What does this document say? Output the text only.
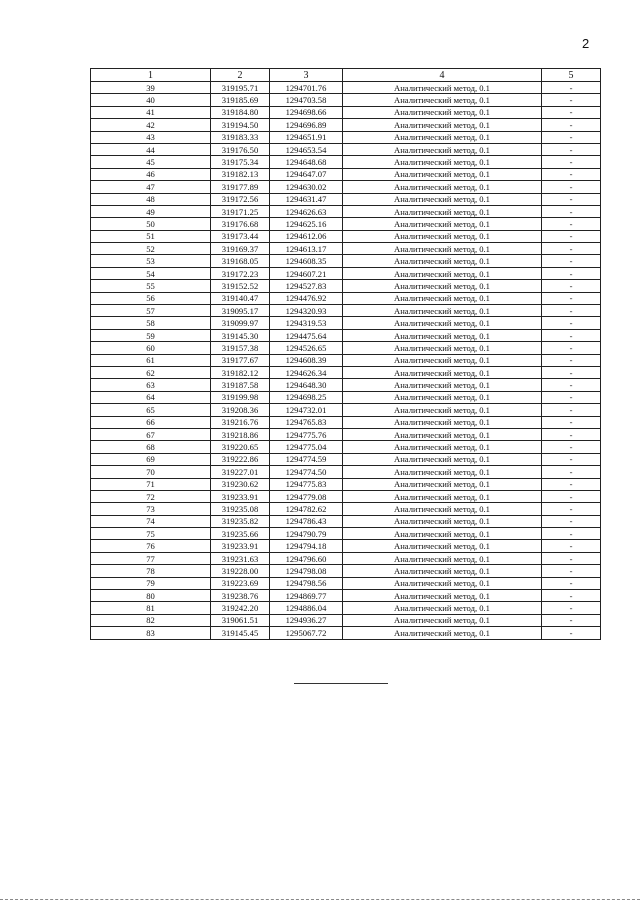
2
1	2	3	4	5
39	319195.71	1294701.76	Аналитический метод, 0.1	-
40	319185.69	1294703.58	Аналитический метод, 0.1	-
41	319184.80	1294698.66	Аналитический метод, 0.1	-
42	319194.50	1294696.89	Аналитический метод, 0.1	-
43	319183.33	1294651.91	Аналитический метод, 0.1	-
44	319176.50	1294653.54	Аналитический метод, 0.1	-
45	319175.34	1294648.68	Аналитический метод, 0.1	-
46	319182.13	1294647.07	Аналитический метод, 0.1	-
47	319177.89	1294630.02	Аналитический метод, 0.1	-
48	319172.56	1294631.47	Аналитический метод, 0.1	-
49	319171.25	1294626.63	Аналитический метод, 0.1	-
50	319176.68	1294625.16	Аналитический метод, 0.1	-
51	319173.44	1294612.06	Аналитический метод, 0.1	-
52	319169.37	1294613.17	Аналитический метод, 0.1	-
53	319168.05	1294608.35	Аналитический метод, 0.1	-
54	319172.23	1294607.21	Аналитический метод, 0.1	-
55	319152.52	1294527.83	Аналитический метод, 0.1	-
56	319140.47	1294476.92	Аналитический метод, 0.1	-
57	319095.17	1294320.93	Аналитический метод, 0.1	-
58	319099.97	1294319.53	Аналитический метод, 0.1	-
59	319145.30	1294475.64	Аналитический метод, 0.1	-
60	319157.38	1294526.65	Аналитический метод, 0.1	-
61	319177.67	1294608.39	Аналитический метод, 0.1	-
62	319182.12	1294626.34	Аналитический метод, 0.1	-
63	319187.58	1294648.30	Аналитический метод, 0.1	-
64	319199.98	1294698.25	Аналитический метод, 0.1	-
65	319208.36	1294732.01	Аналитический метод, 0.1	-
66	319216.76	1294765.83	Аналитический метод, 0.1	-
67	319218.86	1294775.76	Аналитический метод, 0.1	-
68	319220.65	1294775.04	Аналитический метод, 0.1	-
69	319222.86	1294774.59	Аналитический метод, 0.1	-
70	319227.01	1294774.50	Аналитический метод, 0.1	-
71	319230.62	1294775.83	Аналитический метод, 0.1	-
72	319233.91	1294779.08	Аналитический метод, 0.1	-
73	319235.08	1294782.62	Аналитический метод, 0.1	-
74	319235.82	1294786.43	Аналитический метод, 0.1	-
75	319235.66	1294790.79	Аналитический метод, 0.1	-
76	319233.91	1294794.18	Аналитический метод, 0.1	-
77	319231.63	1294796.60	Аналитический метод, 0.1	-
78	319228.00	1294798.08	Аналитический метод, 0.1	-
79	319223.69	1294798.56	Аналитический метод, 0.1	-
80	319238.76	1294869.77	Аналитический метод, 0.1	-
81	319242.20	1294886.04	Аналитический метод, 0.1	-
82	319061.51	1294936.27	Аналитический метод, 0.1	-
83	319145.45	1295067.72	Аналитический метод, 0.1	-
